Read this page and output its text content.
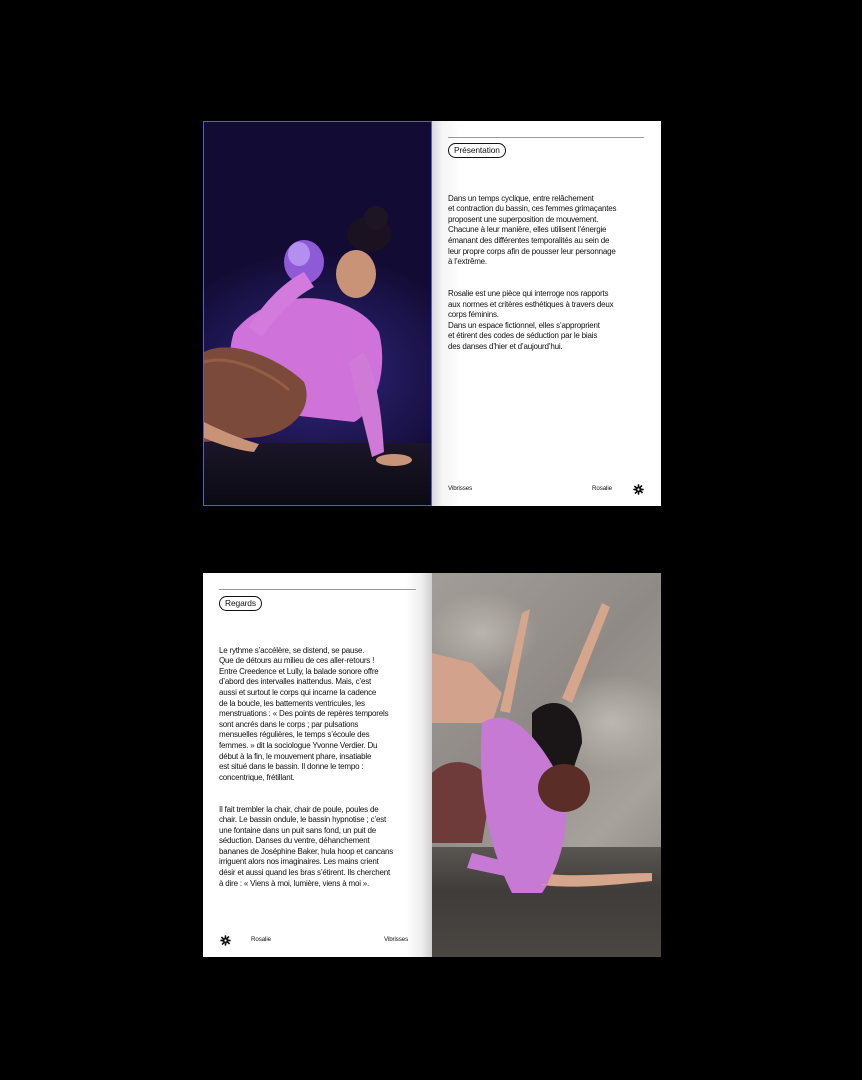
Présentation

Dans un temps cyclique, entre relâchement
et contraction du bassin, ces femmes grimaçantes
proposent une superposition de mouvement.
Chacune à leur manière, elles utilisent l’énergie
émanant des différentes temporalités au sein de
leur propre corps afin de pousser leur personnage
à l’extrême.

Rosalie est une pièce qui interroge nos rapports
aux normes et critères esthétiques à travers deux
corps féminins.
Dans un espace fictionnel, elles s’approprient
et étirent des codes de séduction par le biais
des danses d’hier et d’aujourd’hui.

Vibrisses	Rosalie
Regards

Le rythme s’accélère, se distend, se pause.
Que de détours au milieu de ces aller-retours !
Entre Creedence et Lully, la balade sonore offre
d’abord des intervalles inattendus. Mais, c’est
aussi et surtout le corps qui incarne la cadence
de la boucle, les battements ventricules, les
menstruations : « Des points de repères temporels
sont ancrés dans le corps ; par pulsations
mensuelles régulières, le temps s’écoule des
femmes. » dit la sociologue Yvonne Verdier. Du
début à la fin, le mouvement phare, insatiable
est situé dans le bassin. Il donne le tempo :
concentrique, frétillant.

Il fait trembler la chair, chair de poule, poules de
chair. Le bassin ondule, le bassin hypnotise ; c’est
une fontaine dans un puit sans fond, un puit de
séduction. Danses du ventre, déhanchement
bananes de Joséphine Baker, hula hoop et cancans
irriguent alors nos imaginaires. Les mains crient
désir et aussi quand les bras s’étirent. Ils cherchent
à dire : « Viens à moi, lumière, viens à moi ».

Rosalie	Vibrisses
